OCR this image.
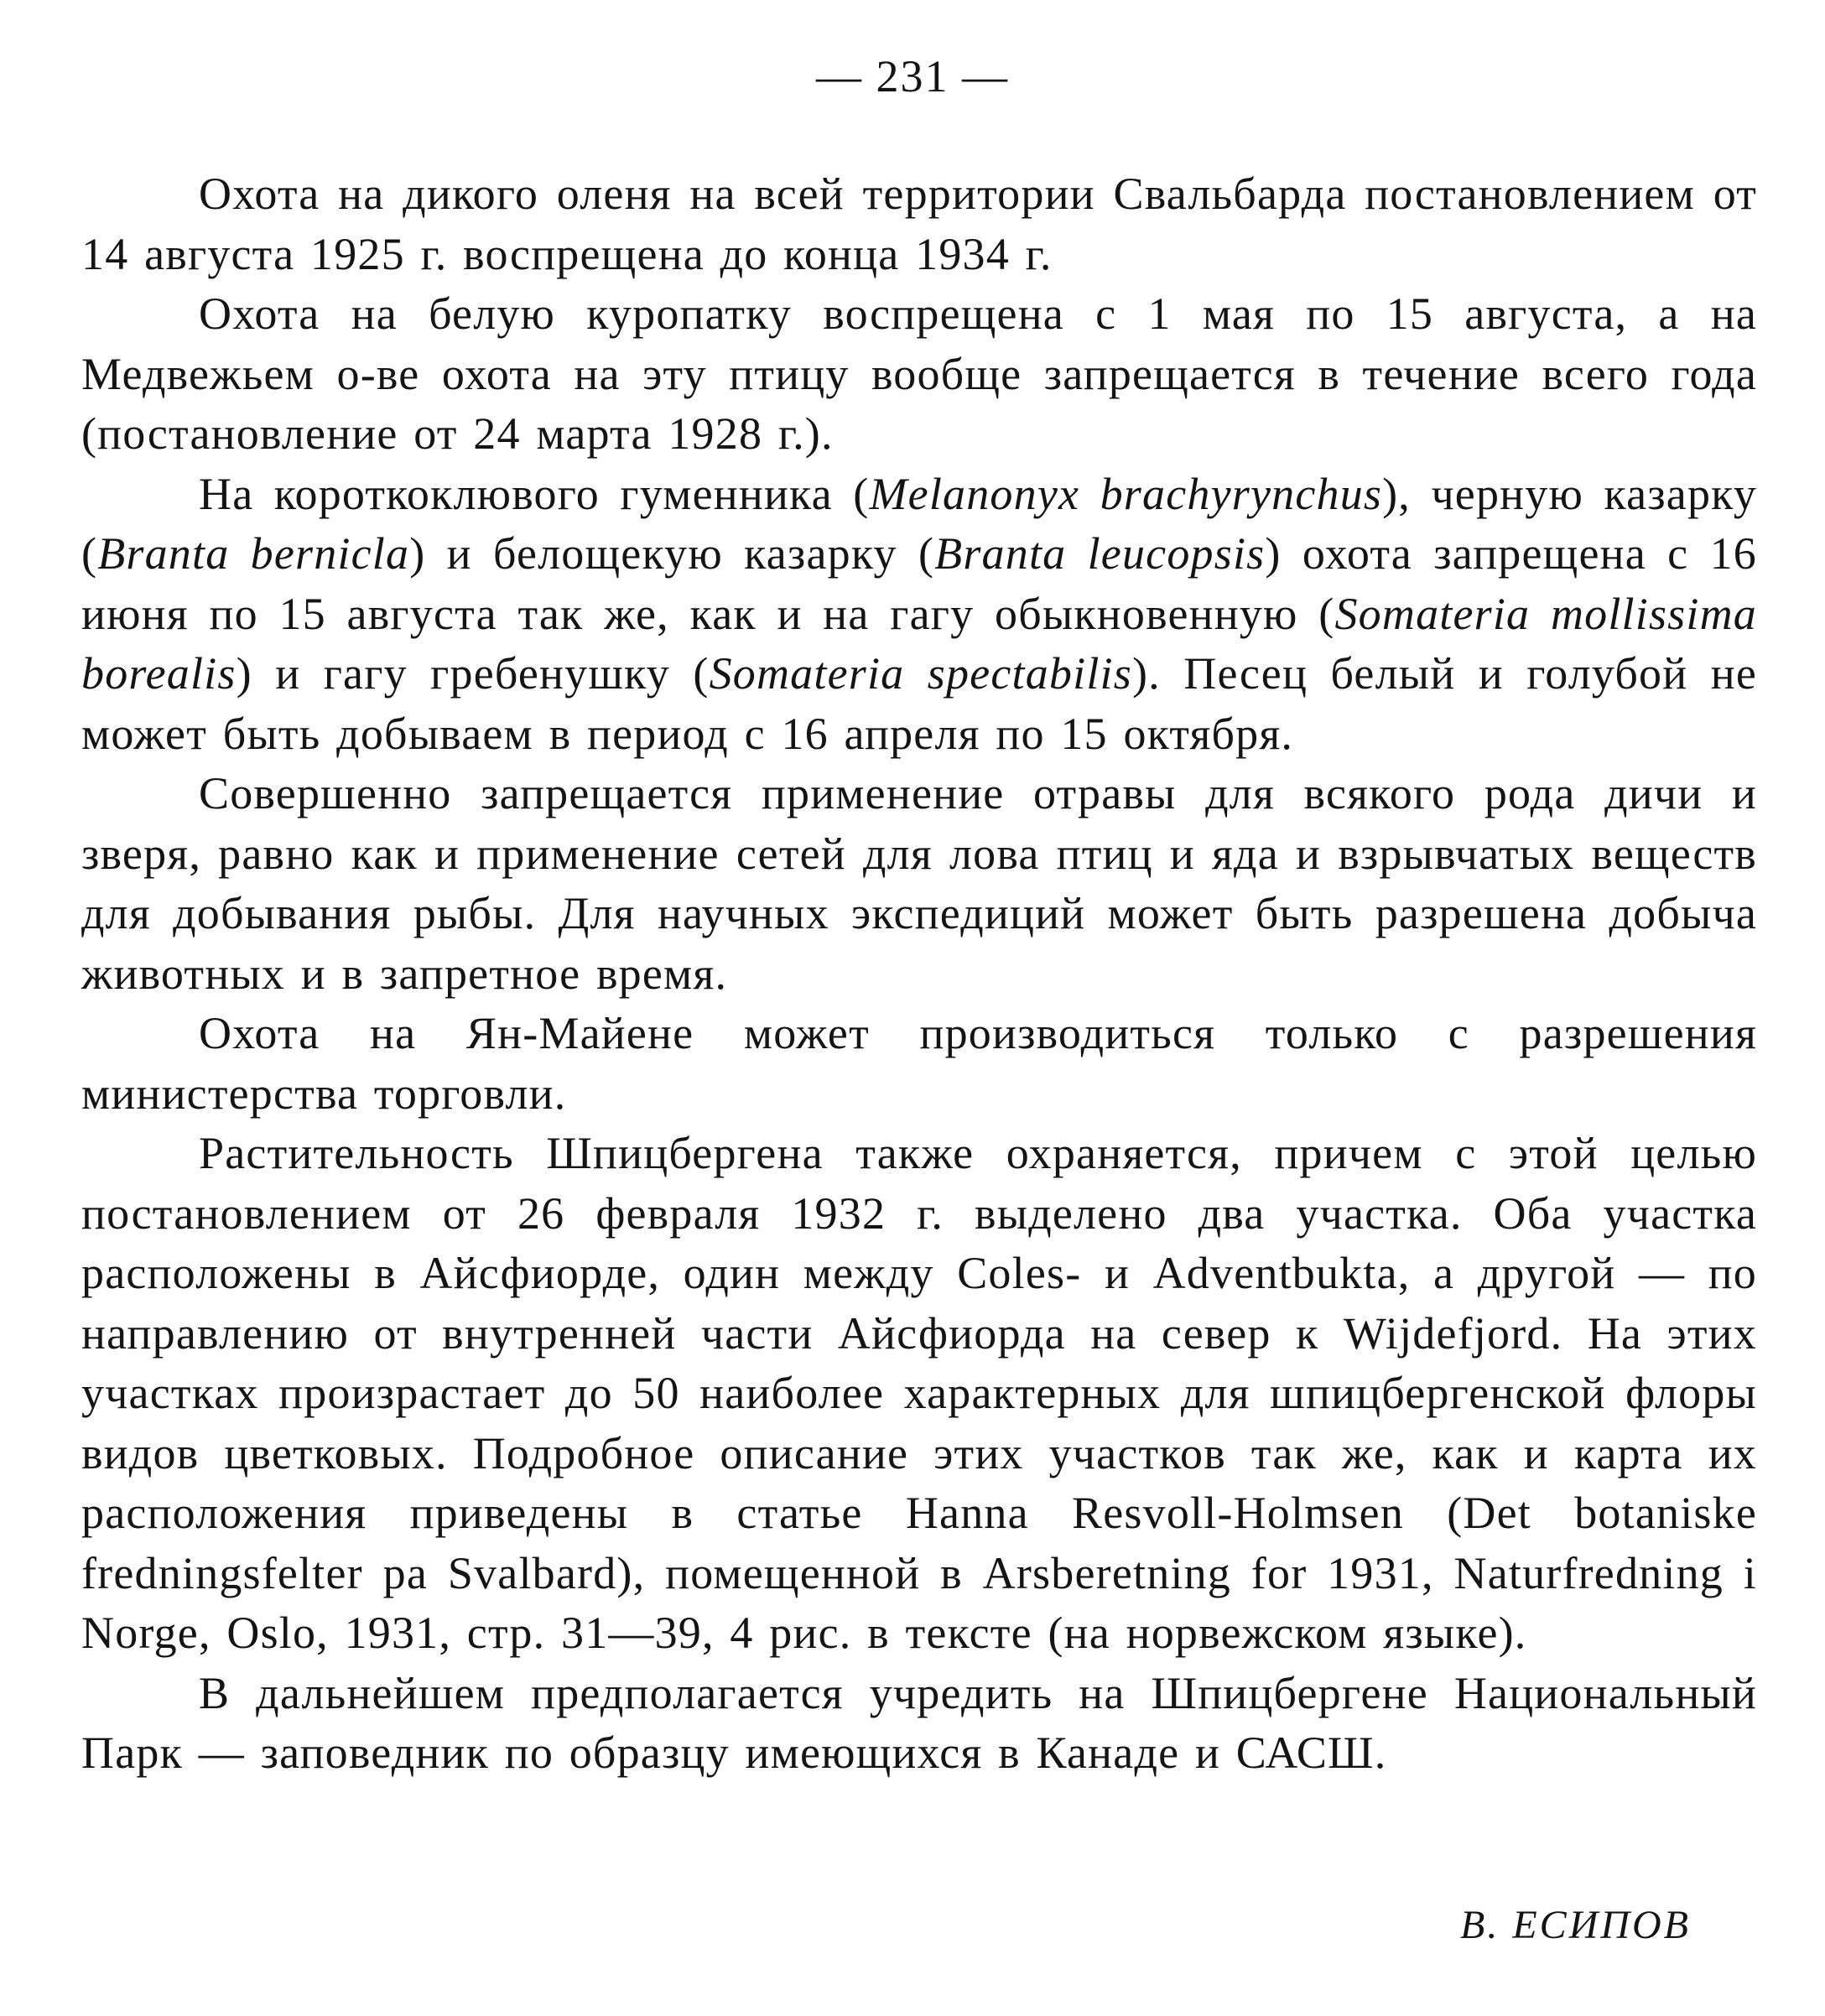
— 231 —

Охота на дикого оленя на всей территории Свальбарда постановлением от 14 августа 1925 г. воспрещена до конца 1934 г.

Охота на белую куропатку воспрещена с 1 мая по 15 августа, а на Медвежьем о-ве охота на эту птицу вообще запрещается в течение всего года (постановление от 24 марта 1928 г.).

На короткоклювого гуменника (Melanonyx brachyrynchus), черную казарку (Branta bernicla) и белощекую казарку (Branta leucopsis) охота запрещена с 16 июня по 15 августа так же, как и на гагу обыкновенную (Somateria mollissima borealis) и гагу гребенушку (Somateria spectabilis). Песец белый и голубой не может быть добываем в период с 16 апреля по 15 октября.

Совершенно запрещается применение отравы для всякого рода дичи и зверя, равно как и применение сетей для лова птиц и яда и взрывчатых веществ для добывания рыбы. Для научных экспедиций может быть разрешена добыча животных и в запретное время.

Охота на Ян-Майене может производиться только с разрешения министерства торговли.

Растительность Шпицбергена также охраняется, причем с этой целью постановлением от 26 февраля 1932 г. выделено два участка. Оба участка расположены в Айсфиорде, один между Coles- и Adventbukta, а другой — по направлению от внутренней части Айсфиорда на север к Wijdefjord. На этих участках произрастает до 50 наиболее характерных для шпицбергенской флоры видов цветковых. Подробное описание этих участков так же, как и карта их расположения приведены в статье Hanna Resvoll-Holmsen (Det botaniske fredningsfelter pa Svalbard), помещенной в Arsberetning for 1931, Naturfredning i Norge, Oslo, 1931, стр. 31—39, 4 рис. в тексте (на норвежском языке).

В дальнейшем предполагается учредить на Шпицбергене Национальный Парк — заповедник по образцу имеющихся в Канаде и САСШ.

В. ЕСИПОВ
